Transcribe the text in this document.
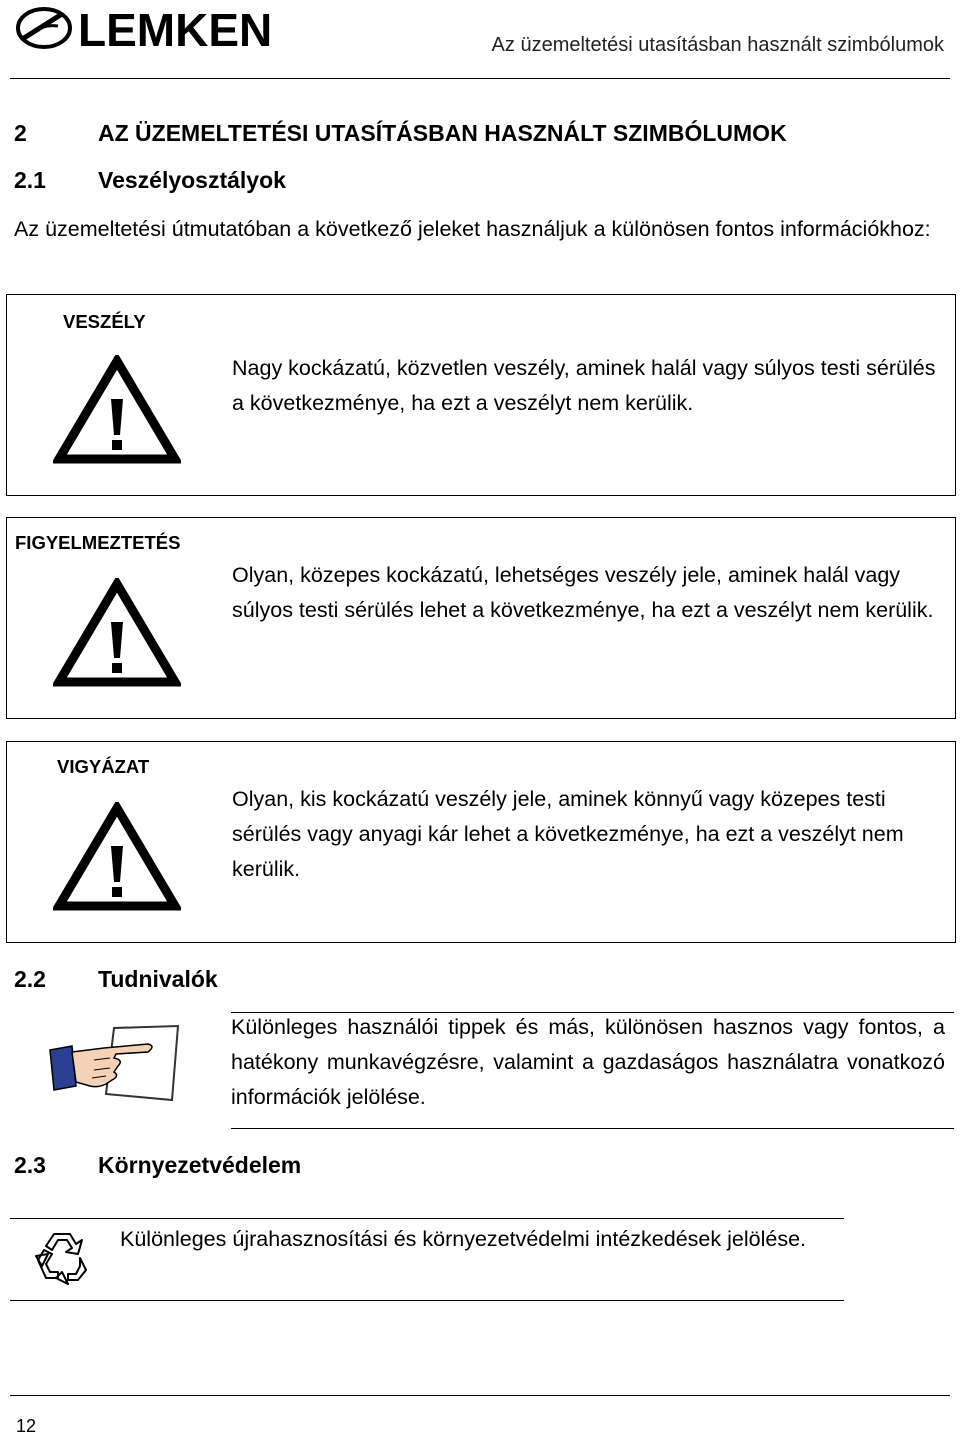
LEMKEN	Az üzemeltetési utasításban használt szimbólumok
2	AZ ÜZEMELTETÉSI UTASÍTÁSBAN HASZNÁLT SZIMBÓLUMOK
2.1 Veszélyosztályok
Az üzemeltetési útmutatóban a következő jeleket használjuk a különösen fontos információkhoz:
VESZÉLY
Nagy kockázatú, közvetlen veszély, aminek halál vagy súlyos testi sérülés a következménye, ha ezt a veszélyt nem kerülik.
FIGYELMEZTETÉS
Olyan, közepes kockázatú, lehetséges veszély jele, aminek halál vagy súlyos testi sérülés lehet a következménye, ha ezt a veszélyt nem kerülik.
VIGYÁZAT
Olyan, kis kockázatú veszély jele, aminek könnyű vagy közepes testi sérülés vagy anyagi kár lehet a következménye, ha ezt a veszélyt nem kerülik.
2.2 Tudnivalók
Különleges használói tippek és más, különösen hasznos vagy fontos, a hatékony munkavégzésre, valamint a gazdaságos használatra vonatkozó információk jelölése.
2.3 Környezetvédelem
Különleges újrahasznosítási és környezetvédelmi intézkedések jelölése.
12
